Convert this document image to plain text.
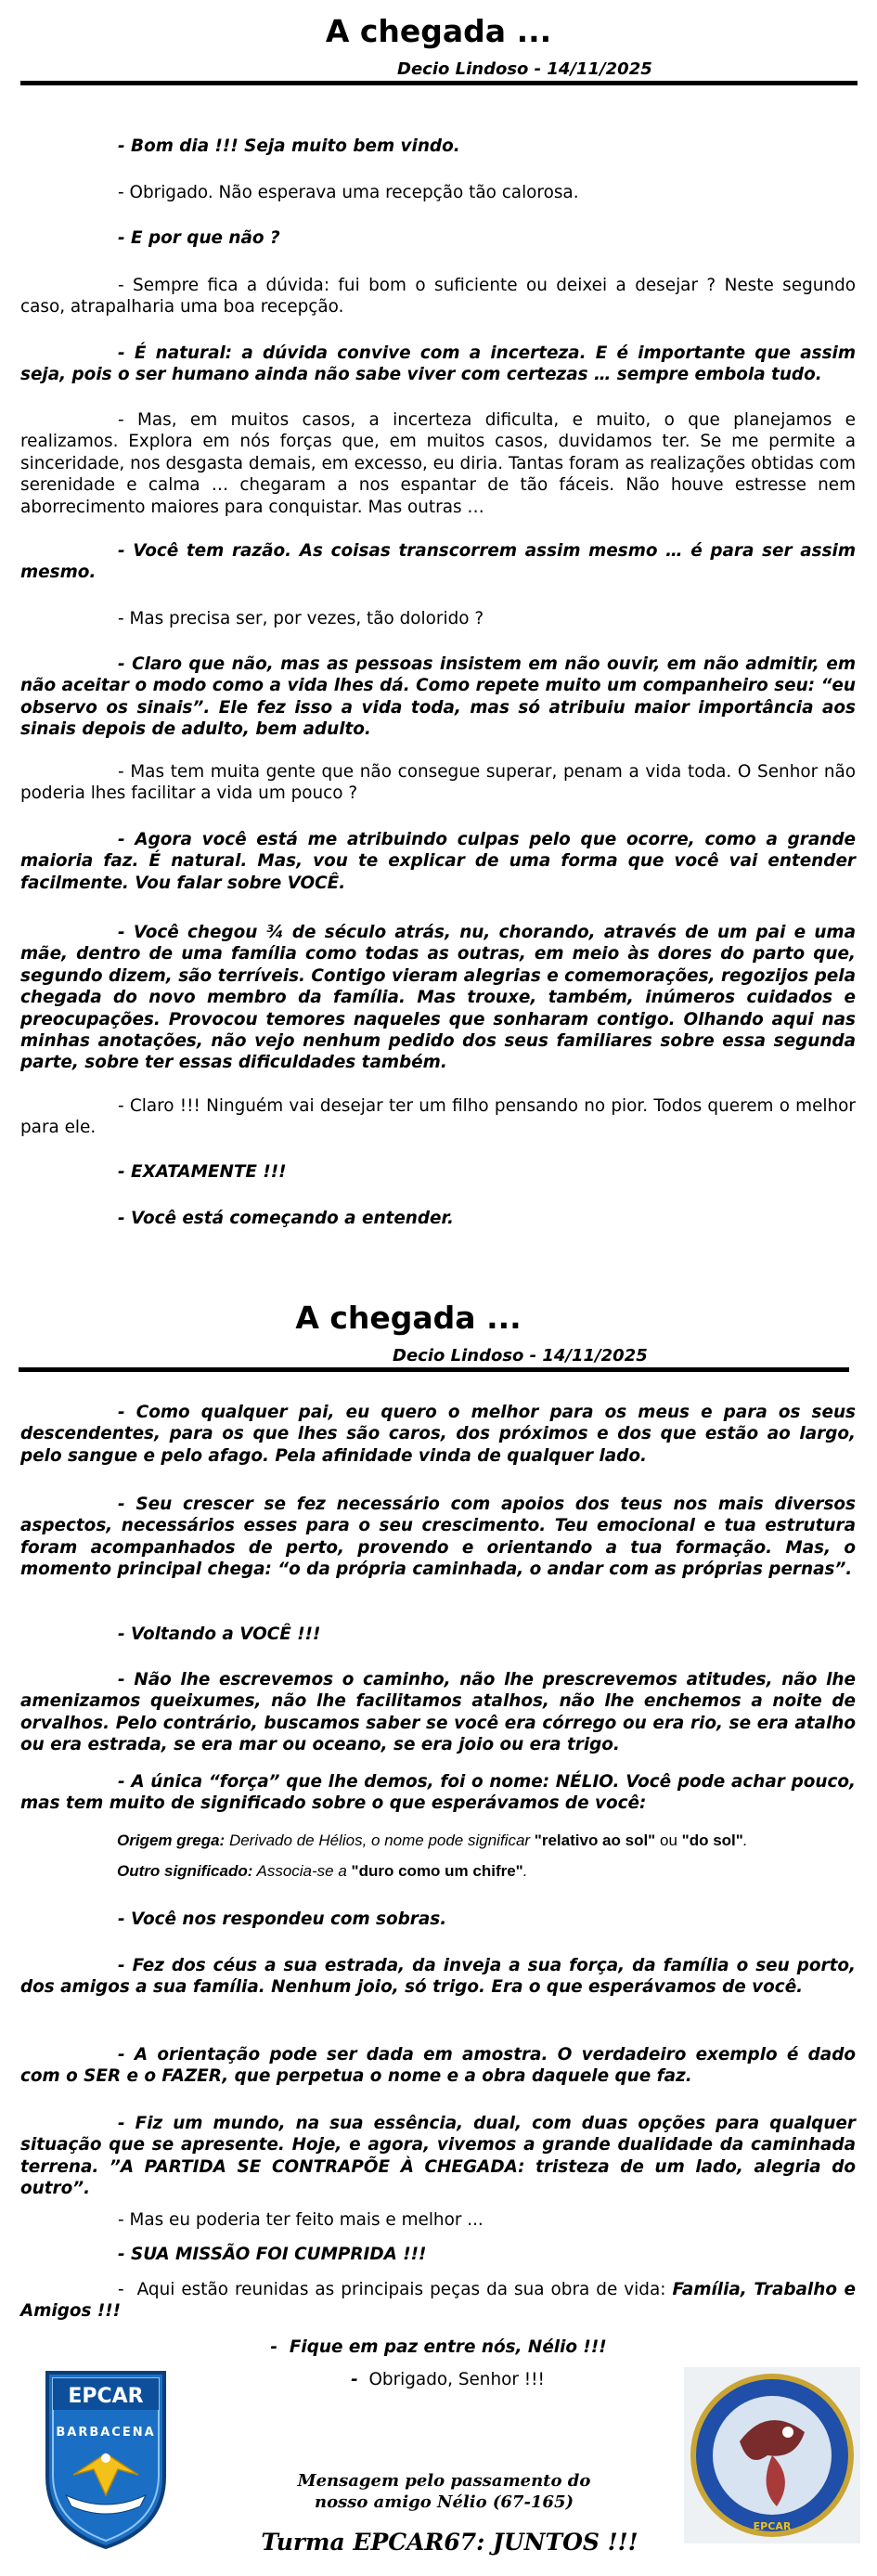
A chegada ...
Decio Lindoso - 14/11/2025

- Bom dia !!! Seja muito bem vindo.

- Obrigado. Não esperava uma recepção tão calorosa.

- E por que não ?

- Sempre fica a dúvida: fui bom o suficiente ou deixei a desejar ? Neste segundo caso, atrapalharia uma boa recepção.

- É natural: a dúvida convive com a incerteza. E é importante que assim seja, pois o ser humano ainda não sabe viver com certezas … sempre embola tudo.

- Mas, em muitos casos, a incerteza dificulta, e muito, o que planejamos e realizamos. Explora em nós forças que, em muitos casos, duvidamos ter. Se me permite a sinceridade, nos desgasta demais, em excesso, eu diria. Tantas foram as realizações obtidas com serenidade e calma … chegaram a nos espantar de tão fáceis. Não houve estresse nem aborrecimento maiores para conquistar. Mas outras …

- Você tem razão. As coisas transcorrem assim mesmo … é para ser assim mesmo.

- Mas precisa ser, por vezes, tão dolorido ?

- Claro que não, mas as pessoas insistem em não ouvir, em não admitir, em não aceitar o modo como a vida lhes dá. Como repete muito um companheiro seu: “eu observo os sinais”. Ele fez isso a vida toda, mas só atribuiu maior importância aos sinais depois de adulto, bem adulto.

- Mas tem muita gente que não consegue superar, penam a vida toda. O Senhor não poderia lhes facilitar a vida um pouco ?

- Agora você está me atribuindo culpas pelo que ocorre, como a grande maioria faz. É natural. Mas, vou te explicar de uma forma que você vai entender facilmente. Vou falar sobre VOCÊ.

- Você chegou ¾ de século atrás, nu, chorando, através de um pai e uma mãe, dentro de uma família como todas as outras, em meio às dores do parto que, segundo dizem, são terríveis. Contigo vieram alegrias e comemorações, regozijos pela chegada do novo membro da família. Mas trouxe, também, inúmeros cuidados e preocupações. Provocou temores naqueles que sonharam contigo. Olhando aqui nas minhas anotações, não vejo nenhum pedido dos seus familiares sobre essa segunda parte, sobre ter essas dificuldades também.

- Claro !!! Ninguém vai desejar ter um filho pensando no pior. Todos querem o melhor para ele.

- EXATAMENTE !!!

- Você está começando a entender.

A chegada ...
Decio Lindoso - 14/11/2025

- Como qualquer pai, eu quero o melhor para os meus e para os seus descendentes, para os que lhes são caros, dos próximos e dos que estão ao largo, pelo sangue e pelo afago. Pela afinidade vinda de qualquer lado.

- Seu crescer se fez necessário com apoios dos teus nos mais diversos aspectos, necessários esses para o seu crescimento. Teu emocional e tua estrutura foram acompanhados de perto, provendo e orientando a tua formação. Mas, o momento principal chega: “o da própria caminhada, o andar com as próprias pernas”.

- Voltando a VOCÊ !!!

- Não lhe escrevemos o caminho, não lhe prescrevemos atitudes, não lhe amenizamos queixumes, não lhe facilitamos atalhos, não lhe enchemos a noite de orvalhos. Pelo contrário, buscamos saber se você era córrego ou era rio, se era atalho ou era estrada, se era mar ou oceano, se era joio ou era trigo.

- A única “força” que lhe demos, foi o nome: NÉLIO. Você pode achar pouco, mas tem muito de significado sobre o que esperávamos de você:

Origem grega: Derivado de Hélios, o nome pode significar "relativo ao sol" ou "do sol".
Outro significado: Associa-se a "duro como um chifre".

- Você nos respondeu com sobras.

- Fez dos céus a sua estrada, da inveja a sua força, da família o seu porto, dos amigos a sua família. Nenhum joio, só trigo. Era o que esperávamos de você.

- A orientação pode ser dada em amostra. O verdadeiro exemplo é dado com o SER e o FAZER, que perpetua o nome e a obra daquele que faz.

- Fiz um mundo, na sua essência, dual, com duas opções para qualquer situação que se apresente. Hoje, e agora, vivemos a grande dualidade da caminhada terrena. ”A PARTIDA SE CONTRAPÕE À CHEGADA: tristeza de um lado, alegria do outro”.

- Mas eu poderia ter feito mais e melhor ...

- SUA MISSÃO FOI CUMPRIDA !!!

- Aqui estão reunidas as principais peças da sua obra de vida: Família, Trabalho e Amigos !!!

- Fique em paz entre nós, Nélio !!!
- Obrigado, Senhor !!!
EPCAR
BARBACENA
Mensagem pelo passamento do
nosso amigo Nélio (67-165)
Turma EPCAR67: JUNTOS !!!
EPCAR
